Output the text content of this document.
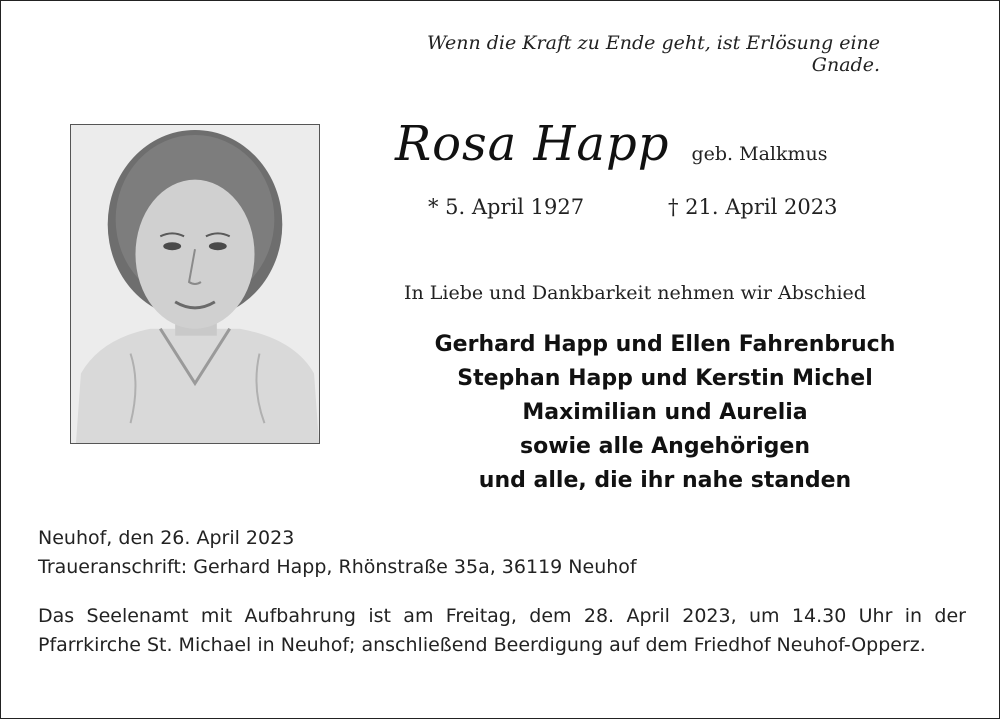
Wenn die Kraft zu Ende geht, ist Erlösung eine Gnade.
Rosa Happ geb. Malkmus
* 5. April 1927	† 21. April 2023
In Liebe und Dankbarkeit nehmen wir Abschied
Gerhard Happ und Ellen Fahrenbruch
Stephan Happ und Kerstin Michel
Maximilian und Aurelia
sowie alle Angehörigen
und alle, die ihr nahe standen
Neuhof, den 26. April 2023
Traueranschrift: Gerhard Happ, Rhönstraße 35a, 36119 Neuhof
Das Seelenamt mit Aufbahrung ist am Freitag, dem 28. April 2023, um 14.30 Uhr in der Pfarrkirche St. Michael in Neuhof; anschließend Beerdigung auf dem Friedhof Neuhof-Opperz.
